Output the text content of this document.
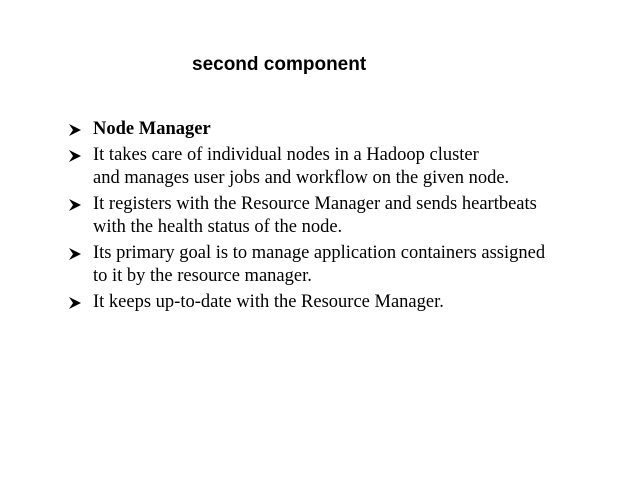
second component
Node Manager
It takes care of individual nodes in a Hadoop cluster
and manages user jobs and workflow on the given node.
It registers with the Resource Manager and sends heartbeats
with the health status of the node.
Its primary goal is to manage application containers assigned
to it by the resource manager.
It keeps up-to-date with the Resource Manager.
